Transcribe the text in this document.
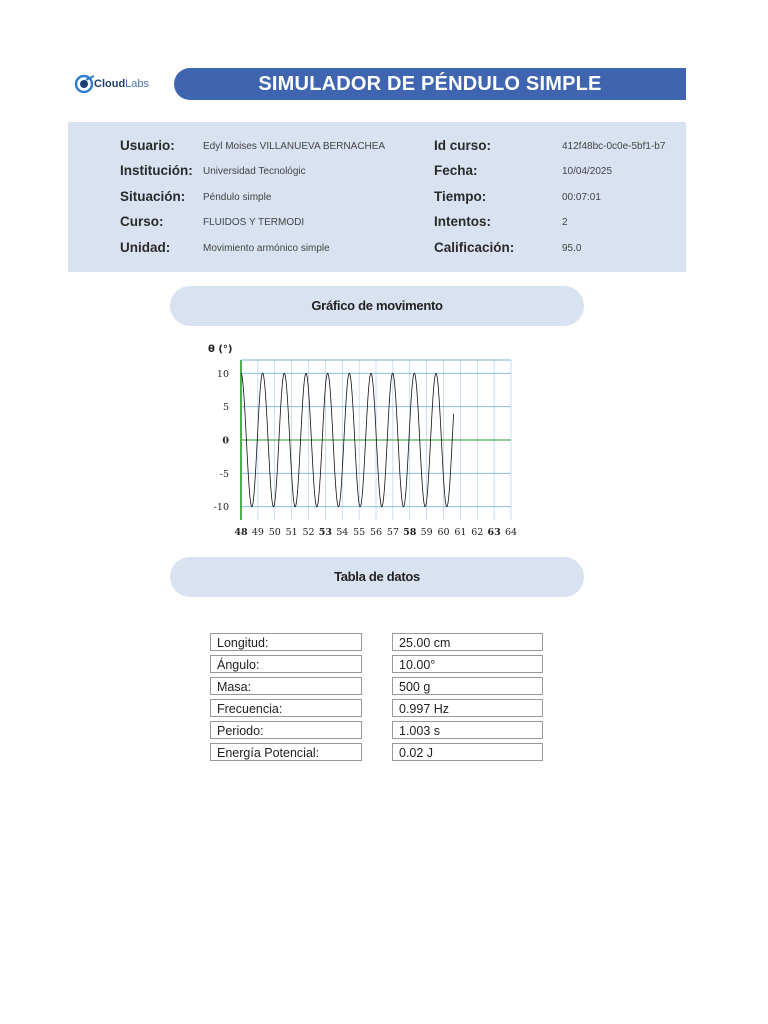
CloudLabs	SIMULADOR DE PÉNDULO SIMPLE
Usuario:	Edyl Moises VILLANUEVA BERNACHEA	Id curso:	412f48bc-0c0e-5bf1-b7
Institución: Universidad Tecnológic	Fecha:	10/04/2025
Situación: Péndulo simple	Tiempo:	00:07:01
Curso:	FLUIDOS Y TERMODI	Intentos:	2
Unidad:	Movimiento armónico simple	Calificación:	95.0
Gráfico de movimento
10
5
0
-5
-10
48 49 50 51 52 53 54 55 56 57 58 59 60 61 62 63 64
θ (°)
Tabla de datos
Longitud:	25.00 cm
Ángulo:	10.00°
Masa:	500 g
Frecuencia:	0.997 Hz
Periodo:	1.003 s
Energía Potencial:	0.02 J
